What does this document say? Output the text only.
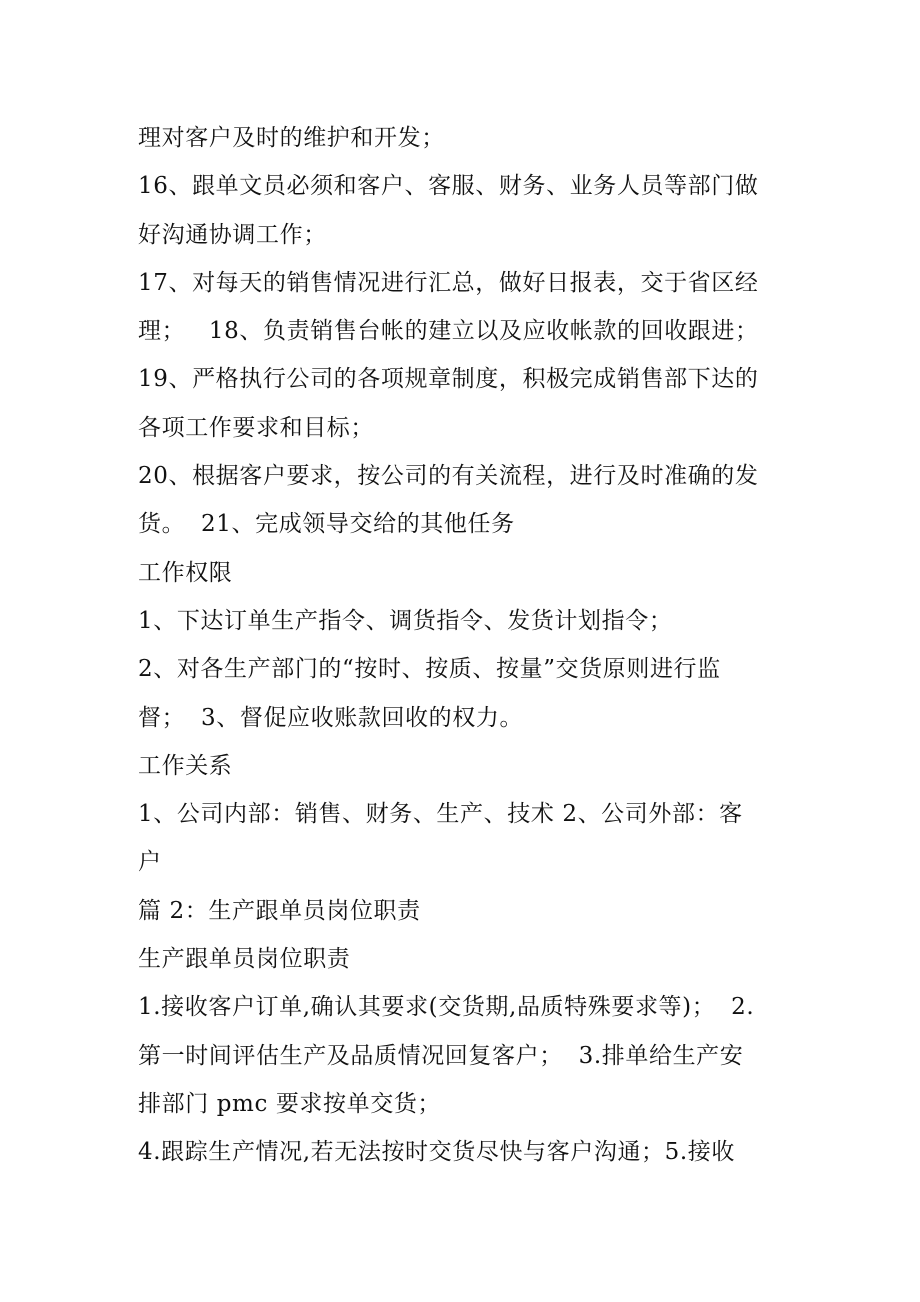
理对客户及时的维护和开发；
16、跟单文员必须和客户、客服、财务、业务人员等部门做
好沟通协调工作；
17、对每天的销售情况进行汇总，做好日报表，交于省区经
理；   18、负责销售台帐的建立以及应收帐款的回收跟进；
19、严格执行公司的各项规章制度，积极完成销售部下达的
各项工作要求和目标；
20、根据客户要求，按公司的有关流程，进行及时准确的发
货。  21、完成领导交给的其他任务
工作权限
1、下达订单生产指令、调货指令、发货计划指令；
2、对各生产部门的“按时、按质、按量”交货原则进行监
督；  3、督促应收账款回收的权力。
工作关系
1、公司内部：销售、财务、生产、技术 2、公司外部：客
户
篇 2：生产跟单员岗位职责
生产跟单员岗位职责
1.接收客户订单,确认其要求(交货期,品质特殊要求等)；  2.
第一时间评估生产及品质情况回复客户；  3.排单给生产安
排部门 pmc 要求按单交货；
4.跟踪生产情况,若无法按时交货尽快与客户沟通；5.接收
